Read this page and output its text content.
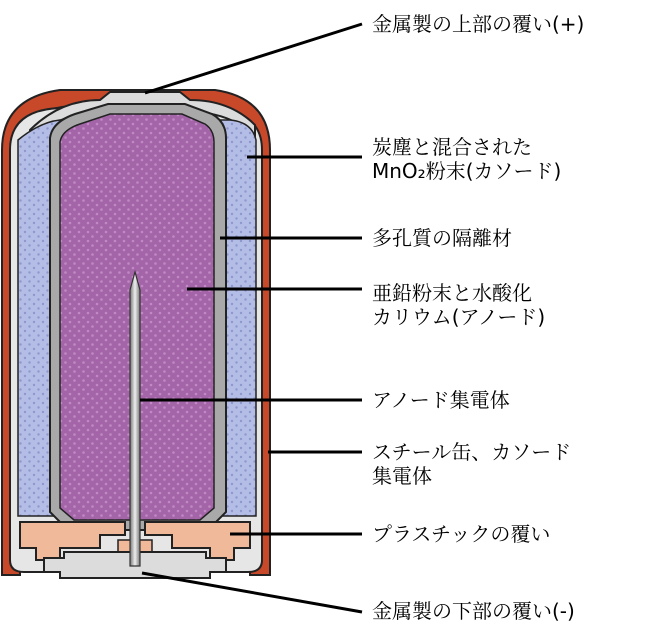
金属製の上部の覆い(+)
炭塵と混合された
MnO₂粉末(カソード)
多孔質の隔離材
亜鉛粉末と水酸化
カリウム(アノード)
アノード集電体
スチール缶、カソード
集電体
プラスチックの覆い
金属製の下部の覆い(-)
